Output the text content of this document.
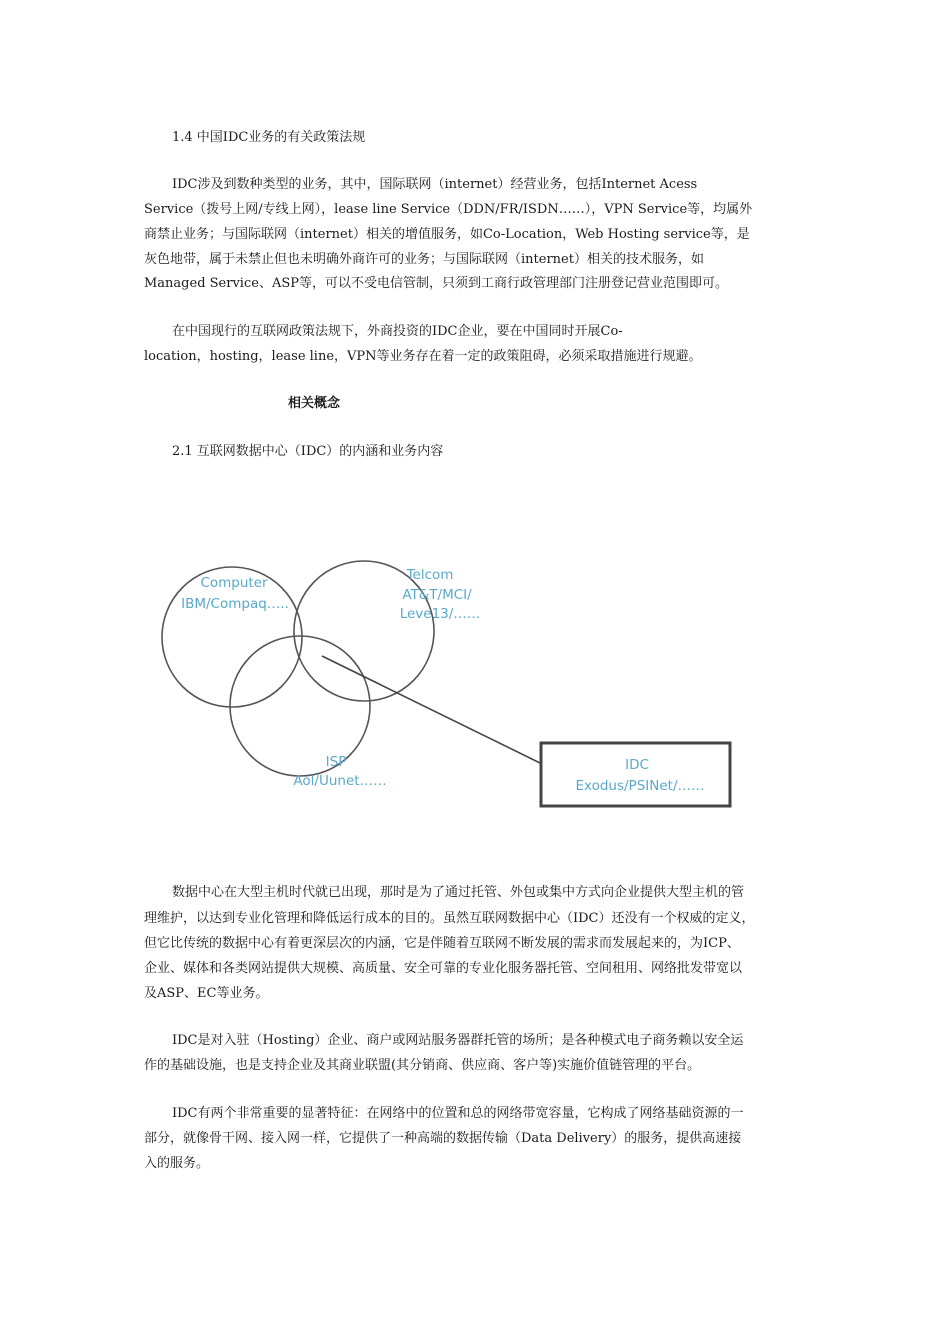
1.4 中国IDC业务的有关政策法规
IDC涉及到数种类型的业务，其中，国际联网（internet）经营业务，包括Internet Acess
Service（拨号上网/专线上网），lease line Service（DDN/FR/ISDN……），VPN Service等，均属外
商禁止业务；与国际联网（internet）相关的增值服务，如Co-Location，Web Hosting service等，是
灰色地带，属于未禁止但也未明确外商许可的业务；与国际联网（internet）相关的技术服务，如
Managed Service、ASP等，可以不受电信管制，只须到工商行政管理部门注册登记营业范围即可。
在中国现行的互联网政策法规下，外商投资的IDC企业，要在中国同时开展Co-
location，hosting，lease line，VPN等业务存在着一定的政策阻碍，必须采取措施进行规避。
相关概念
2.1 互联网数据中心（IDC）的内涵和业务内容
Computer
IBM/Compaq…..
Telcom
AT&T/MCI/
Leve13/……
ISP
Aol/Uunet……
IDC
Exodus/PSINet/……
数据中心在大型主机时代就已出现，那时是为了通过托管、外包或集中方式向企业提供大型主机的管
理维护，以达到专业化管理和降低运行成本的目的。虽然互联网数据中心（IDC）还没有一个权威的定义，
但它比传统的数据中心有着更深层次的内涵，它是伴随着互联网不断发展的需求而发展起来的，为ICP、
企业、媒体和各类网站提供大规模、高质量、安全可靠的专业化服务器托管、空间租用、网络批发带宽以
及ASP、EC等业务。
IDC是对入驻（Hosting）企业、商户或网站服务器群托管的场所；是各种模式电子商务赖以安全运
作的基础设施，也是支持企业及其商业联盟(其分销商、供应商、客户等)实施价值链管理的平台。
IDC有两个非常重要的显著特征：在网络中的位置和总的网络带宽容量，它构成了网络基础资源的一
部分，就像骨干网、接入网一样，它提供了一种高端的数据传输（Data Delivery）的服务，提供高速接
入的服务。
